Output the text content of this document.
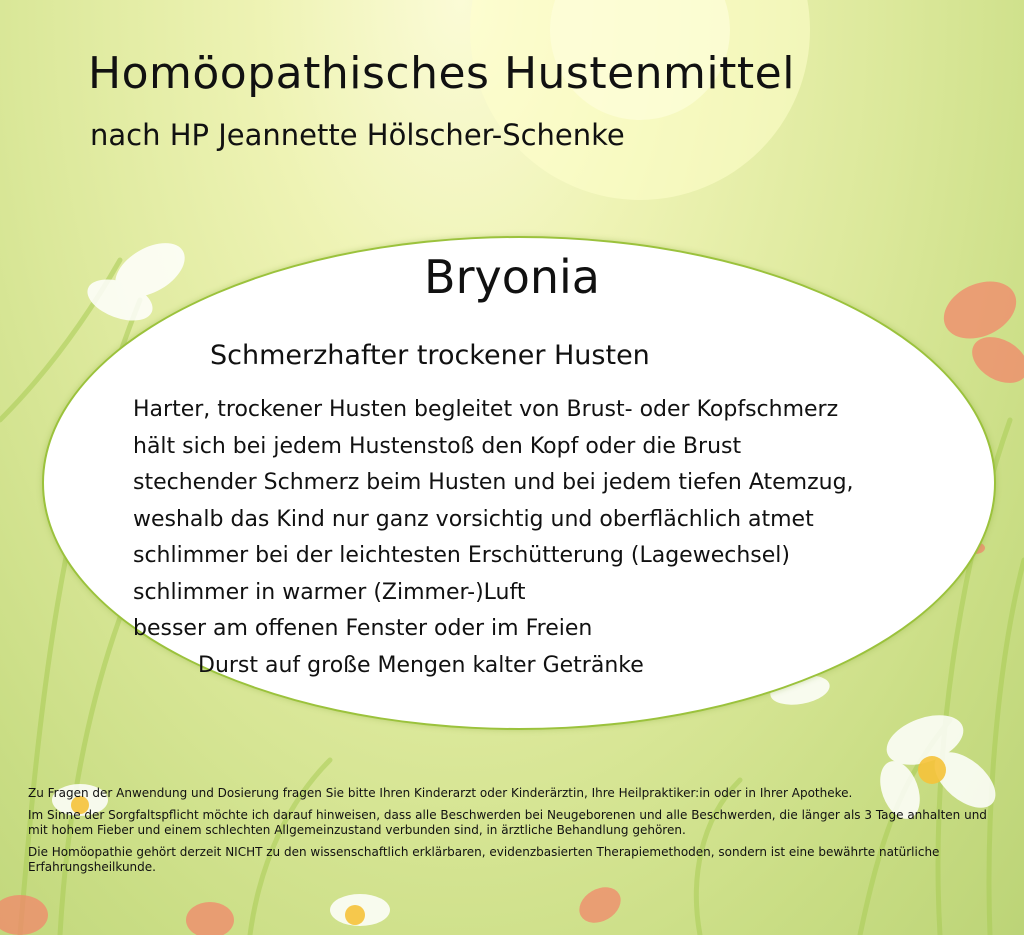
Homöopathisches Hustenmittel
nach HP Jeannette Hölscher-Schenke
Bryonia
Schmerzhafter trockener Husten
Harter, trockener Husten begleitet von Brust- oder Kopfschmerz
hält sich bei jedem Hustenstoß den Kopf oder die Brust
stechender Schmerz beim Husten und bei jedem tiefen Atemzug,
weshalb das Kind nur ganz vorsichtig und oberflächlich atmet
schlimmer bei der leichtesten Erschütterung (Lagewechsel)
schlimmer in warmer (Zimmer-)Luft
besser am offenen Fenster oder im Freien
Durst auf große Mengen kalter Getränke

Zu Fragen der Anwendung und Dosierung fragen Sie bitte Ihren Kinderarzt oder Kinderärztin, Ihre Heilpraktiker:in oder in Ihrer Apotheke.

Im Sinne der Sorgfaltspflicht möchte ich darauf hinweisen, dass alle Beschwerden bei Neugeborenen und alle Beschwerden, die länger als 3 Tage anhalten und mit hohem Fieber und einem schlechten Allgemeinzustand verbunden sind, in ärztliche Behandlung gehören.

Die Homöopathie gehört derzeit NICHT zu den wissenschaftlich erklärbaren, evidenzbasierten Therapiemethoden, sondern ist eine bewährte natürliche Erfahrungsheilkunde.
